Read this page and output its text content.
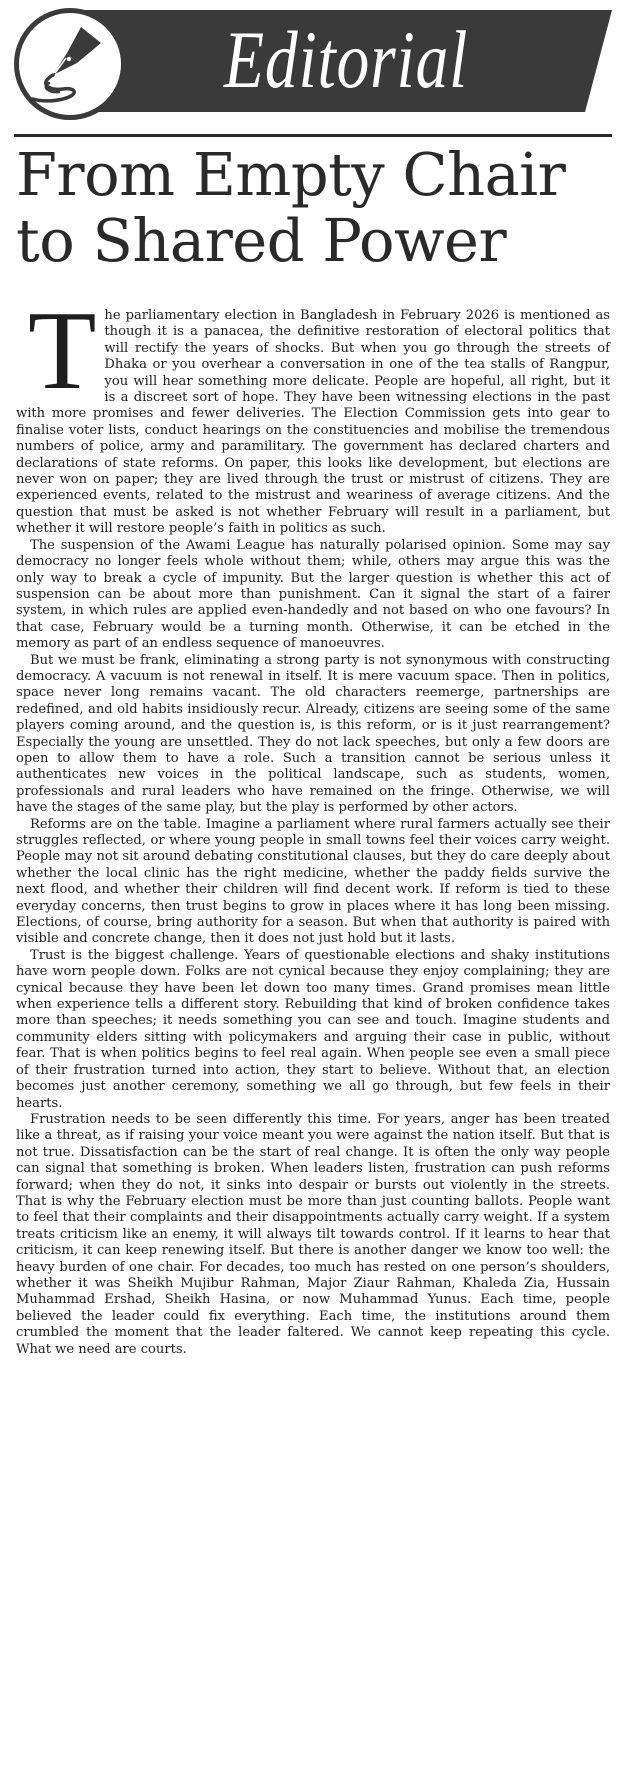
Editorial
From Empty Chair
to Shared Power

The parliamentary election in Bangladesh in February 2026 is mentioned as though it is a panacea, the definitive restoration of electoral politics that will rectify the years of shocks. But when you go through the streets of Dhaka or you overhear a conversation in one of the tea stalls of Rangpur, you will hear something more delicate. People are hopeful, all right, but it is a discreet sort of hope. They have been witnessing elections in the past with more promises and fewer deliveries. The Election Commission gets into gear to finalise voter lists, conduct hearings on the constituencies and mobilise the tremendous numbers of police, army and paramilitary. The government has declared charters and declarations of state reforms. On paper, this looks like development, but elections are never won on paper; they are lived through the trust or mistrust of citizens. They are experienced events, related to the mistrust and weariness of average citizens. And the question that must be asked is not whether February will result in a parliament, but whether it will restore people’s faith in politics as such.

The suspension of the Awami League has naturally polarised opinion. Some may say democracy no longer feels whole without them; while, others may argue this was the only way to break a cycle of impunity. But the larger question is whether this act of suspension can be about more than punishment. Can it signal the start of a fairer system, in which rules are applied even-handedly and not based on who one favours? In that case, February would be a turning month. Otherwise, it can be etched in the memory as part of an endless sequence of manoeuvres.

But we must be frank, eliminating a strong party is not synonymous with constructing democracy. A vacuum is not renewal in itself. It is mere vacuum space. Then in politics, space never long remains vacant. The old characters reemerge, partnerships are redefined, and old habits insidiously recur. Already, citizens are seeing some of the same players coming around, and the question is, is this reform, or is it just rearrangement? Especially the young are unsettled. They do not lack speeches, but only a few doors are open to allow them to have a role. Such a transition cannot be serious unless it authenticates new voices in the political landscape, such as students, women, professionals and rural leaders who have remained on the fringe. Otherwise, we will have the stages of the same play, but the play is performed by other actors.

Reforms are on the table. Imagine a parliament where rural farmers actually see their struggles reflected, or where young people in small towns feel their voices carry weight. People may not sit around debating constitutional clauses, but they do care deeply about whether the local clinic has the right medicine, whether the paddy fields survive the next flood, and whether their children will find decent work. If reform is tied to these everyday concerns, then trust begins to grow in places where it has long been missing. Elections, of course, bring authority for a season. But when that authority is paired with visible and concrete change, then it does not just hold but it lasts.

Trust is the biggest challenge. Years of questionable elections and shaky institutions have worn people down. Folks are not cynical because they enjoy complaining; they are cynical because they have been let down too many times. Grand promises mean little when experience tells a different story. Rebuilding that kind of broken confidence takes more than speeches; it needs something you can see and touch. Imagine students and community elders sitting with policymakers and arguing their case in public, without fear. That is when politics begins to feel real again. When people see even a small piece of their frustration turned into action, they start to believe. Without that, an election becomes just another ceremony, something we all go through, but few feels in their hearts.

Frustration needs to be seen differently this time. For years, anger has been treated like a threat, as if raising your voice meant you were against the nation itself. But that is not true. Dissatisfaction can be the start of real change. It is often the only way people can signal that something is broken. When leaders listen, frustration can push reforms forward; when they do not, it sinks into despair or bursts out violently in the streets. That is why the February election must be more than just counting ballots. People want to feel that their complaints and their disappointments actually carry weight. If a system treats criticism like an enemy, it will always tilt towards control. If it learns to hear that criticism, it can keep renewing itself. But there is another danger we know too well: the heavy burden of one chair. For decades, too much has rested on one person’s shoulders, whether it was Sheikh Mujibur Rahman, Major Ziaur Rahman, Khaleda Zia, Hussain Muhammad Ershad, Sheikh Hasina, or now Muhammad Yunus. Each time, people believed the leader could fix everything. Each time, the institutions around them crumbled the moment that the leader faltered. We cannot keep repeating this cycle. What we need are courts.
